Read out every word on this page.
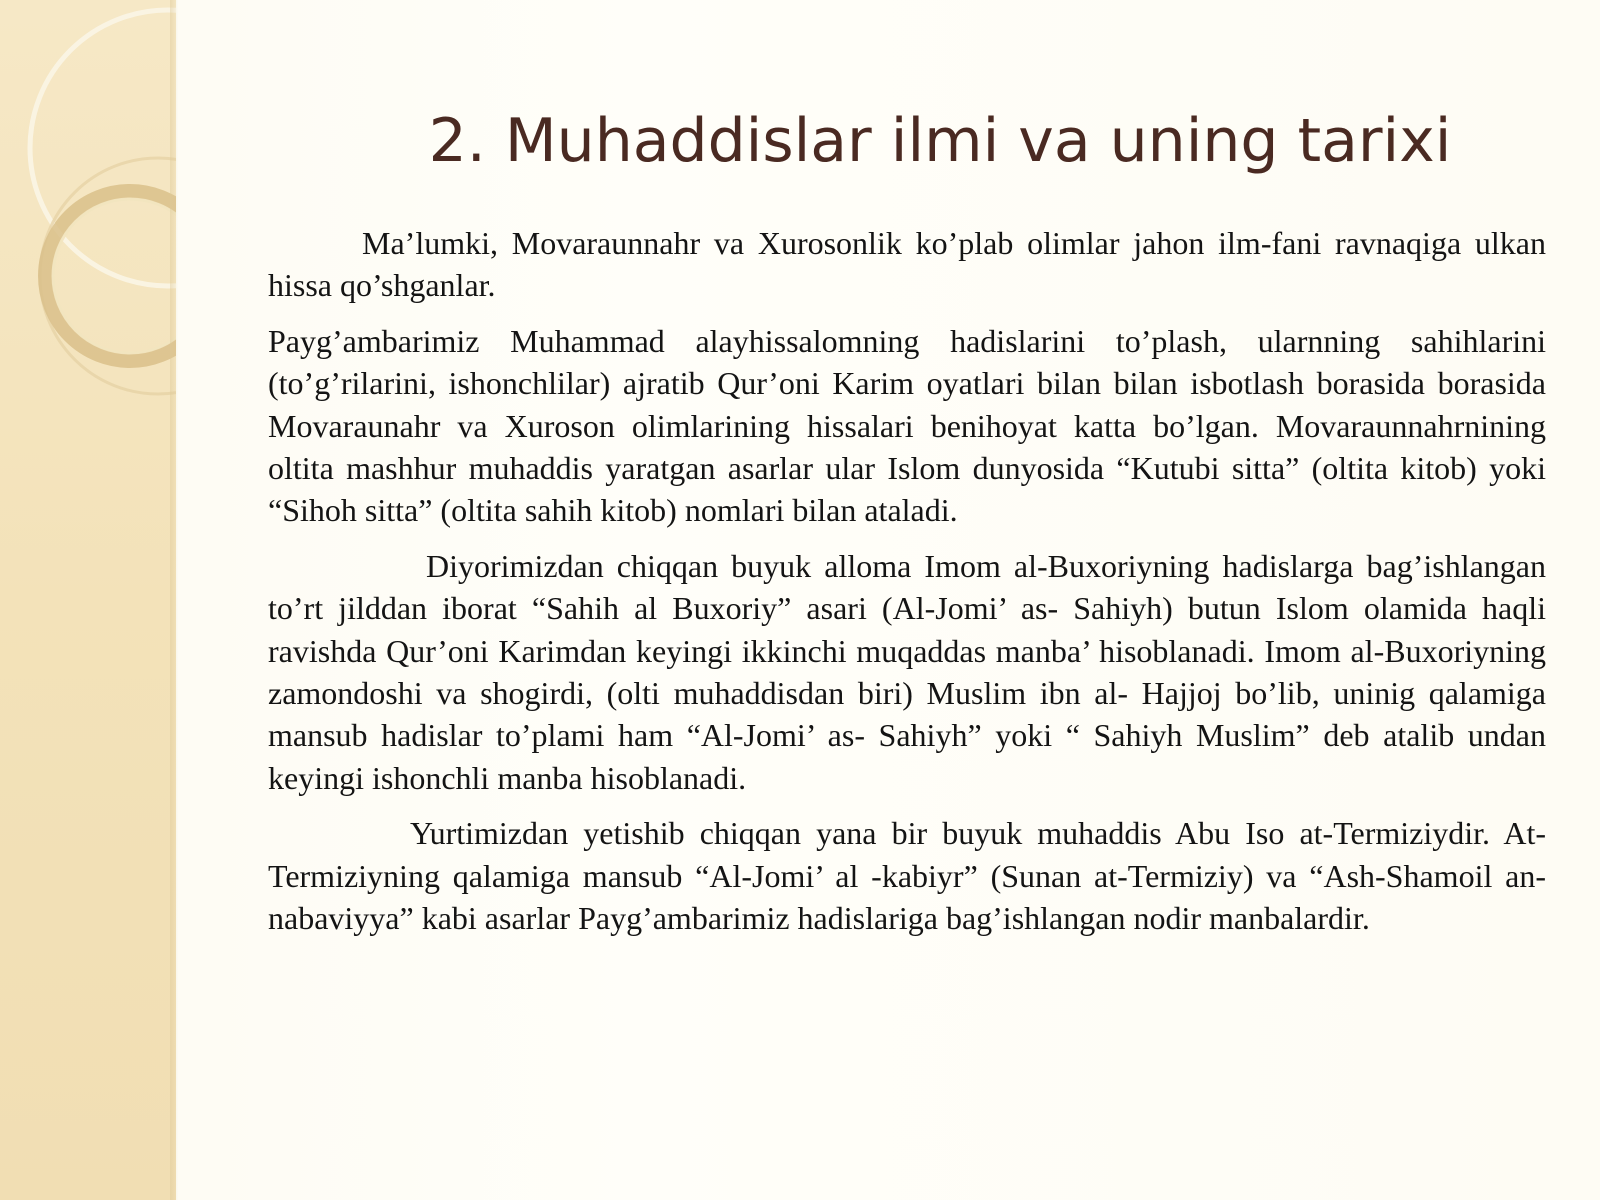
2. Muhaddislar ilmi va uning tarixi

Ma’lumki, Movaraunnahr va Xurosonlik ko’plab olimlar jahon ilm-fani ravnaqiga ulkan hissa qo’shganlar.

Payg’ambarimiz Muhammad alayhissalomning hadislarini to’plash, ularnning sahihlarini (to’g’rilarini, ishonchlilar) ajratib Qur’oni Karim oyatlari bilan bilan isbotlash borasida borasida Movaraunahr va Xuroson olimlarining hissalari benihoyat katta bo’lgan. Movaraunnahrnining oltita mashhur muhaddis yaratgan asarlar ular Islom dunyosida “Kutubi sitta” (oltita kitob) yoki “Sihoh sitta” (oltita sahih kitob) nomlari bilan ataladi.

Diyorimizdan chiqqan buyuk alloma Imom al-Buxoriyning hadislarga bag’ishlangan to’rt jilddan iborat “Sahih al Buxoriy” asari (Al-Jomi’ as- Sahiyh) butun Islom olamida haqli ravishda Qur’oni Karimdan keyingi ikkinchi muqaddas manba’ hisoblanadi. Imom al-Buxoriyning zamondoshi va shogirdi, (olti muhaddisdan biri) Muslim ibn al- Hajjoj bo’lib, uninig qalamiga mansub hadislar to’plami ham “Al-Jomi’ as- Sahiyh” yoki “ Sahiyh Muslim” deb atalib undan keyingi ishonchli manba hisoblanadi.

Yurtimizdan yetishib chiqqan yana bir buyuk muhaddis Abu Iso at-Termiziydir. At-Termiziyning qalamiga mansub “Al-Jomi’ al -kabiyr” (Sunan at-Termiziy) va “Ash-Shamoil an-nabaviyya” kabi asarlar Payg’ambarimiz hadislariga bag’ishlangan nodir manbalardir.
